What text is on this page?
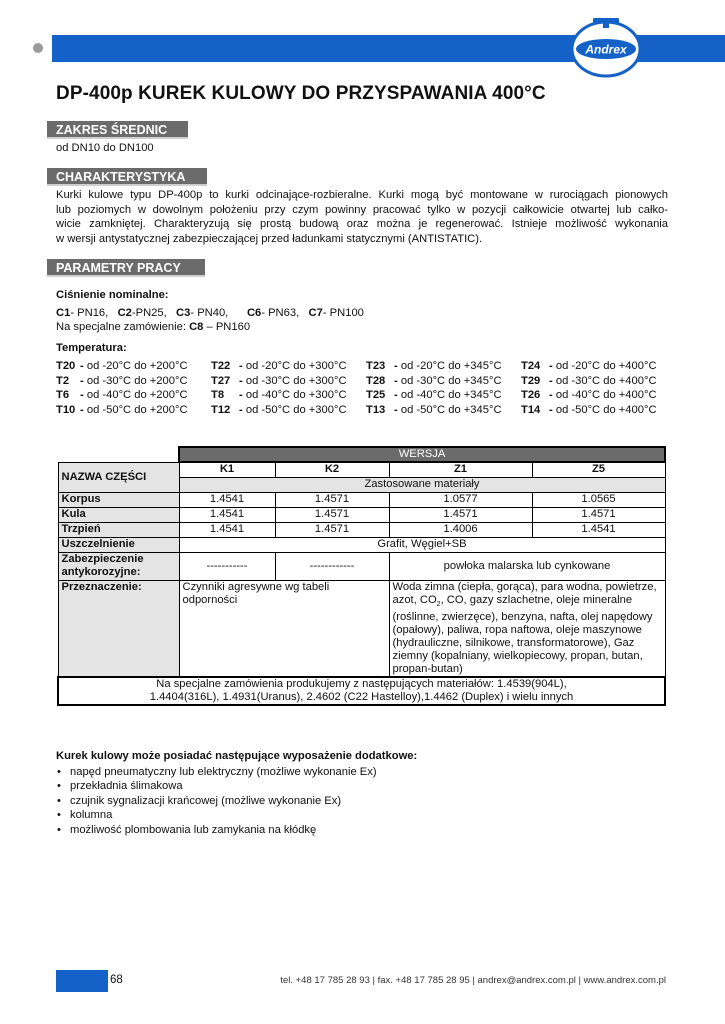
Andrex
DP-400p KUREK KULOWY DO PRZYSPAWANIA 400°C
ZAKRES ŚREDNIC
od DN10 do DN100
CHARAKTERYSTYKA
Kurki kulowe typu DP-400p to kurki odcinające-rozbieralne. Kurki mogą być montowane w rurociągach pionowych
lub poziomych w dowolnym położeniu przy czym powinny pracować tylko w pozycji całkowicie otwartej lub całko-
wicie zamkniętej. Charakteryzują się prostą budową oraz można je regenerować. Istnieje możliwość wykonania
w wersji antystatycznej zabezpieczającej przed ładunkami statycznymi (ANTISTATIC).
PARAMETRY PRACY
Ciśnienie nominalne:
C1- PN16, C2-PN25, C3- PN40, C6- PN63, C7- PN100
Na specjalne zamówienie: C8 – PN160
Temperatura:
T20 - od -20°C do +200°C	T22 - od -20°C do +300°C	T23 - od -20°C do +345°C	T24 - od -20°C do +400°C
T2 - od -30°C do +200°C	T27 - od -30°C do +300°C	T28 - od -30°C do +345°C	T29 - od -30°C do +400°C
T6 - od -40°C do +200°C	T8 - od -40°C do +300°C	T25 - od -40°C do +345°C	T26 - od -40°C do +400°C
T10 - od -50°C do +200°C	T12 - od -50°C do +300°C	T13 - od -50°C do +345°C	T14 - od -50°C do +400°C
	WERSJA			
NAZWA CZĘŚCI	K1	K2	Z1	Z5
	Zastosowane materiały			
Korpus	1.4541	1.4571	1.0577	1.0565
Kula	1.4541	1.4571	1.4571	1.4571
Trzpień	1.4541	1.4571	1.4006	1.4541
Uszczelnienie	Grafit, Węgiel+SB			
Zabezpieczenie antykorozyjne:	-----------	------------	powłoka malarska lub cynkowane	
Przeznaczenie:	Czynniki agresywne wg tabeli odporności		Woda zimna (ciepła, gorąca), para wodna, powietrze, azot, $CO_2$, CO, gazy szlachetne, oleje mineralne (roślinne, zwierzęce), benzyna, nafta, olej napędowy (opałowy), paliwa, ropa naftowa, oleje maszynowe (hydrauliczne, silnikowe, transformatorowe), Gaz ziemny (kopalniany, wielkopiecowy, propan, butan, propan-butan)	

Na specjalne zamówienia produkujemy z następujących materiałów: 1.4539(904L),
1.4404(316L), 1.4931(Uranus), 2.4602 (C22 Hastelloy),1.4462 (Duplex) i wielu innych				
Kurek kulowy może posiadać następujące wyposażenie dodatkowe:
• napęd pneumatyczny lub elektryczny (możliwe wykonanie Ex)
• przekładnia ślimakowa
• czujnik sygnalizacji krańcowej (możliwe wykonanie Ex)
• kolumna
• możliwość plombowania lub zamykania na kłódkę
68	tel. +48 17 785 28 93 | fax. +48 17 785 28 95 | andrex@andrex.com.pl | www.andrex.com.pl
